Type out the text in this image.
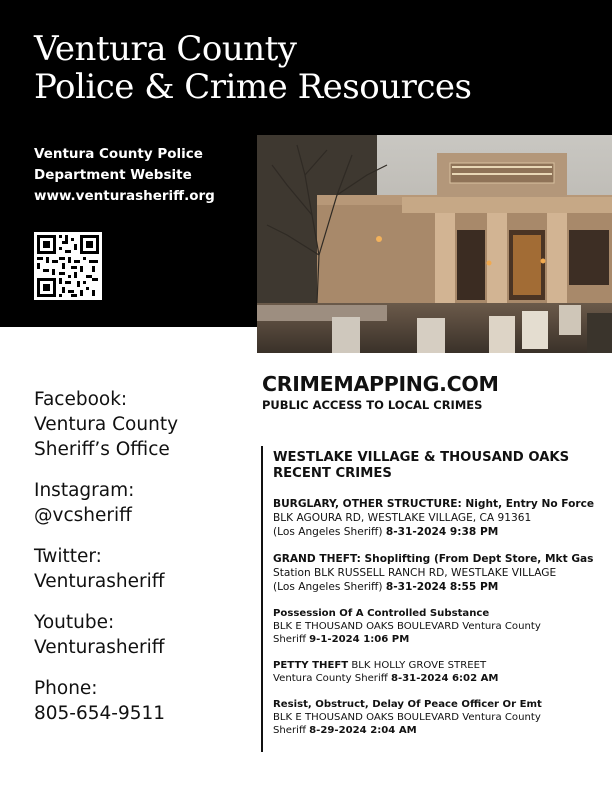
Ventura County
Police & Crime Resources
Ventura County Police
Department Website
www.venturasheriff.org
Facebook:
Ventura County
Sheriff’s Office
Instagram:
@vcsheriff
Twitter:
Venturasheriff
Youtube:
Venturasheriff
Phone:
805-654-9511
CRIMEMAPPING.COM
PUBLIC ACCESS TO LOCAL CRIMES
WESTLAKE VILLAGE & THOUSAND OAKS
RECENT CRIMES
BURGLARY, OTHER STRUCTURE: Night, Entry No Force
BLK AGOURA RD, WESTLAKE VILLAGE, CA 91361
(Los Angeles Sheriff) 8-31-2024 9:38 PM
GRAND THEFT: Shoplifting (From Dept Store, Mkt Gas
Station BLK RUSSELL RANCH RD, WESTLAKE VILLAGE
(Los Angeles Sheriff) 8-31-2024 8:55 PM
Possession Of A Controlled Substance
BLK E THOUSAND OAKS BOULEVARD Ventura County
Sheriff 9-1-2024 1:06 PM
PETTY THEFT BLK HOLLY GROVE STREET
Ventura County Sheriff 8-31-2024 6:02 AM
Resist, Obstruct, Delay Of Peace Officer Or Emt
BLK E THOUSAND OAKS BOULEVARD Ventura County
Sheriff 8-29-2024 2:04 AM
